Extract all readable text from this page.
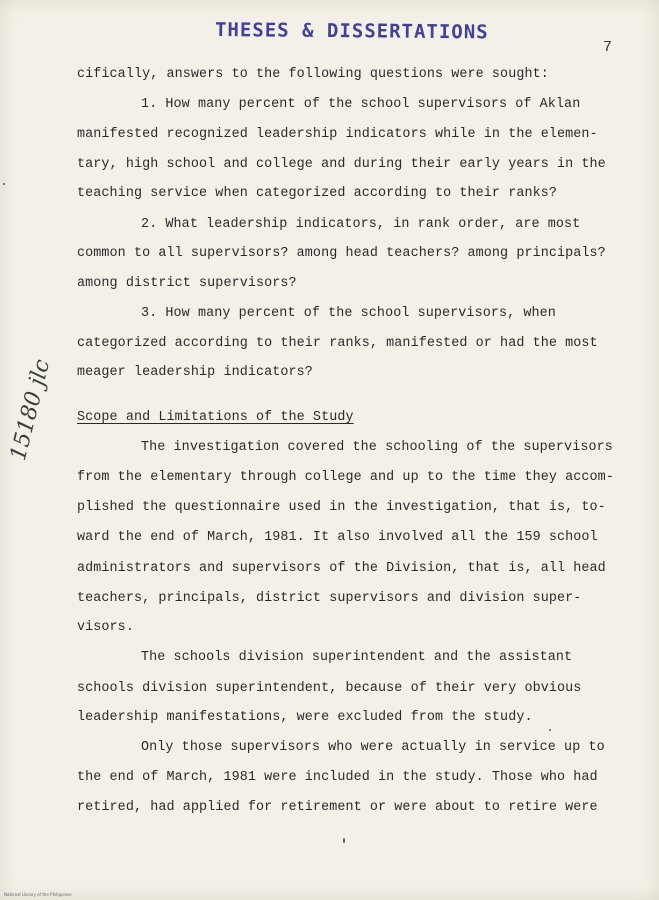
THESES & DISSERTATIONS
7
15180 jlc
cifically, answers to the following questions were sought:
1. How many percent of the school supervisors of Aklan
manifested recognized leadership indicators while in the elemen-
tary, high school and college and during their early years in the
teaching service when categorized according to their ranks?
2. What leadership indicators, in rank order, are most
common to all supervisors? among head teachers? among principals?
among district supervisors?
3. How many percent of the school supervisors, when
categorized according to their ranks, manifested or had the most
meager leadership indicators?
Scope and Limitations of the Study
The investigation covered the schooling of the supervisors
from the elementary through college and up to the time they accom-
plished the questionnaire used in the investigation, that is, to-
ward the end of March, 1981. It also involved all the 159 school
administrators and supervisors of the Division, that is, all head
teachers, principals, district supervisors and division super-
visors.
The schools division superintendent and the assistant
schools division superintendent, because of their very obvious
leadership manifestations, were excluded from the study.
Only those supervisors who were actually in service up to
the end of March, 1981 were included in the study. Those who had
retired, had applied for retirement or were about to retire were
National Library of the Philippines
